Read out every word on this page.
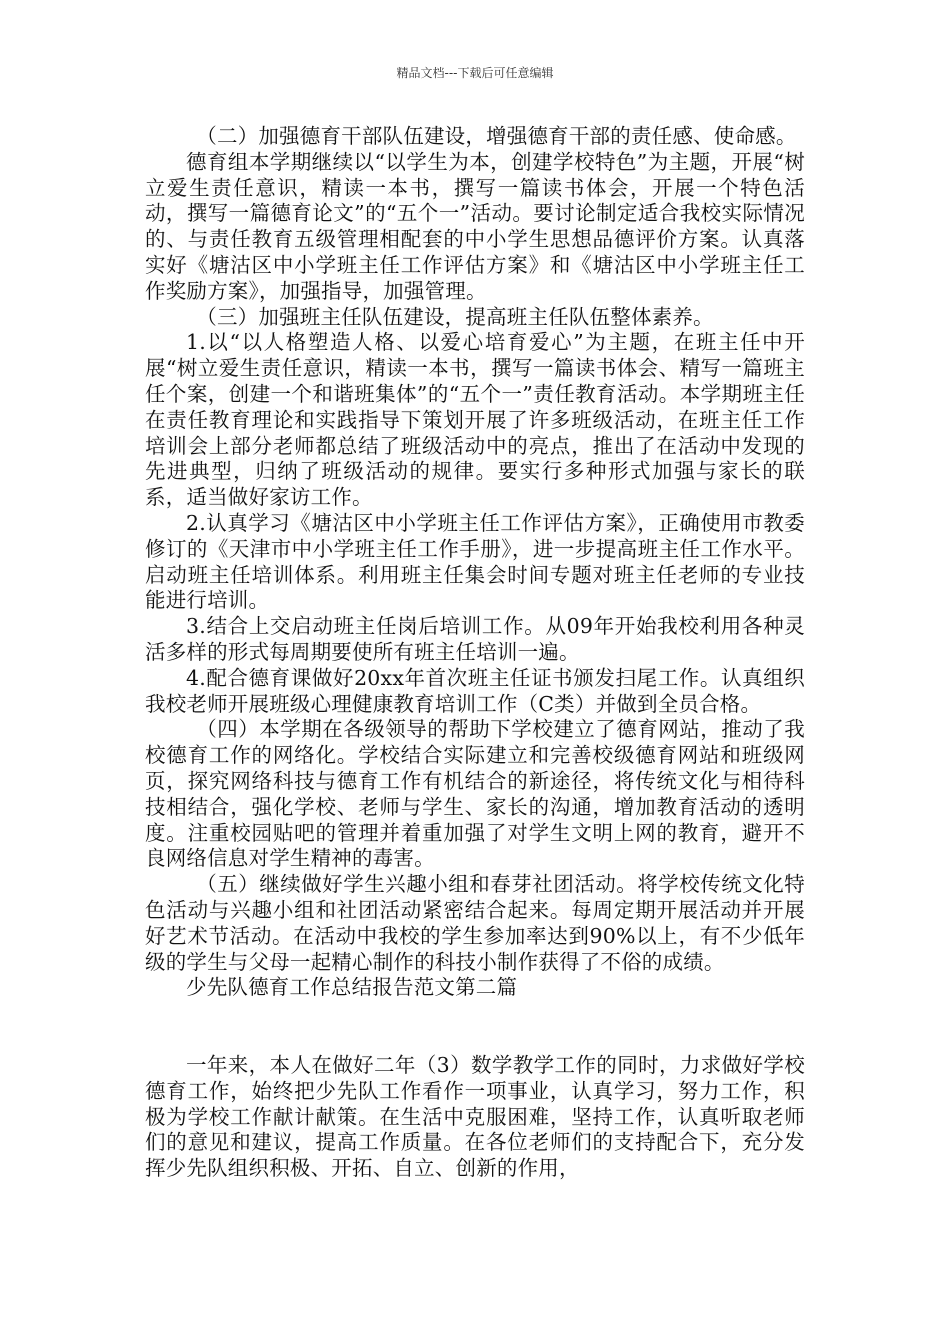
精品文档---下载后可任意编辑

（二）加强德育干部队伍建设，增强德育干部的责任感、使命感。

德育组本学期继续以“以学生为本，创建学校特色”为主题，开展“树立爱生责任意识，精读一本书，撰写一篇读书体会，开展一个特色活动，撰写一篇德育论文”的“五个一”活动。要讨论制定适合我校实际情况的、与责任教育五级管理相配套的中小学生思想品德评价方案。认真落实好《塘沽区中小学班主任工作评估方案》和《塘沽区中小学班主任工作奖励方案》，加强指导，加强管理。

（三）加强班主任队伍建设，提高班主任队伍整体素养。

1.以“以人格塑造人格、以爱心培育爱心”为主题，在班主任中开展“树立爱生责任意识，精读一本书，撰写一篇读书体会、精写一篇班主任个案，创建一个和谐班集体”的“五个一”责任教育活动。本学期班主任在责任教育理论和实践指导下策划开展了许多班级活动，在班主任工作培训会上部分老师都总结了班级活动中的亮点，推出了在活动中发现的先进典型，归纳了班级活动的规律。要实行多种形式加强与家长的联系，适当做好家访工作。

2.认真学习《塘沽区中小学班主任工作评估方案》，正确使用市教委修订的《天津市中小学班主任工作手册》，进一步提高班主任工作水平。启动班主任培训体系。利用班主任集会时间专题对班主任老师的专业技能进行培训。

3.结合上交启动班主任岗后培训工作。从09年开始我校利用各种灵活多样的形式每周期要使所有班主任培训一遍。

4.配合德育课做好20xx年首次班主任证书颁发扫尾工作。认真组织我校老师开展班级心理健康教育培训工作（C类）并做到全员合格。

（四）本学期在各级领导的帮助下学校建立了德育网站，推动了我校德育工作的网络化。学校结合实际建立和完善校级德育网站和班级网页，探究网络科技与德育工作有机结合的新途径，将传统文化与相待科技相结合，强化学校、老师与学生、家长的沟通，增加教育活动的透明度。注重校园贴吧的管理并着重加强了对学生文明上网的教育，避开不良网络信息对学生精神的毒害。

（五）继续做好学生兴趣小组和春芽社团活动。将学校传统文化特色活动与兴趣小组和社团活动紧密结合起来。每周定期开展活动并开展好艺术节活动。在活动中我校的学生参加率达到90%以上，有不少低年级的学生与父母一起精心制作的科技小制作获得了不俗的成绩。

少先队德育工作总结报告范文第二篇

一年来，本人在做好二年（3）数学教学工作的同时，力求做好学校德育工作，始终把少先队工作看作一项事业，认真学习，努力工作，积极为学校工作献计献策。在生活中克服困难，坚持工作，认真听取老师们的意见和建议，提高工作质量。在各位老师们的支持配合下，充分发挥少先队组织积极、开拓、自立、创新的作用，
